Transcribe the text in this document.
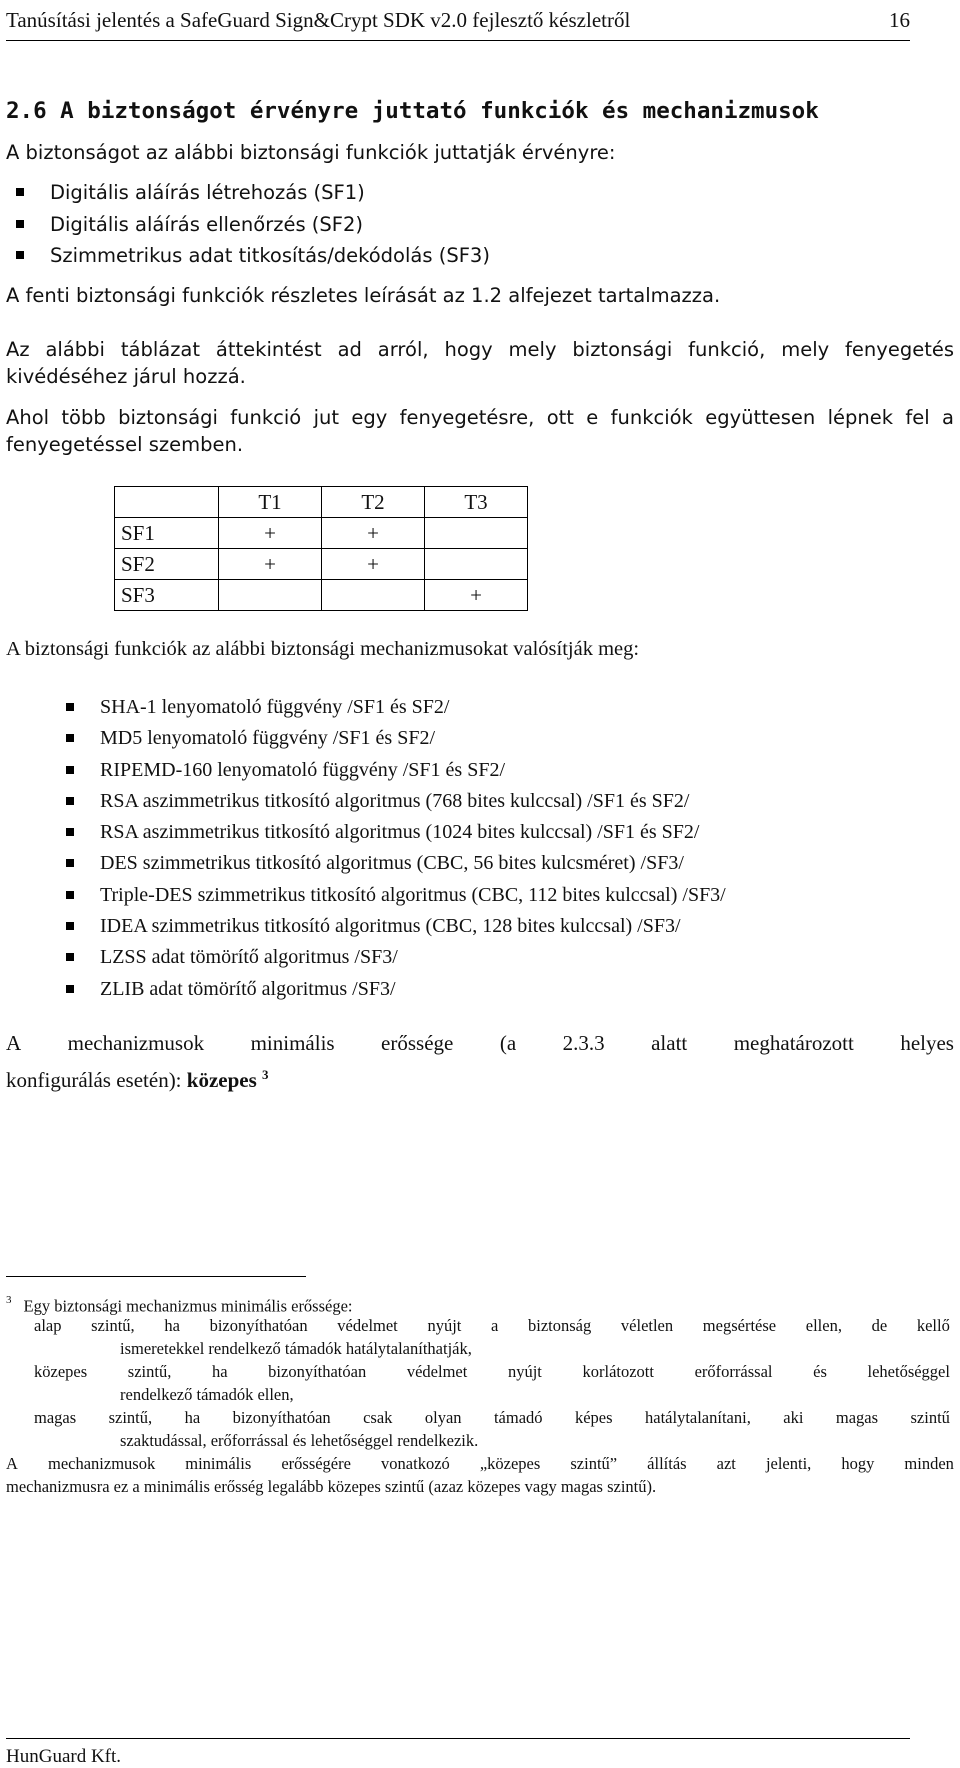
Tanúsítási jelentés a SafeGuard Sign&Crypt SDK v2.0 fejlesztő készletről	16
2.6 A biztonságot érvényre juttató funkciók és mechanizmusok
A biztonságot az alábbi biztonsági funkciók juttatják érvényre:
Digitális aláírás létrehozás (SF1)
Digitális aláírás ellenőrzés (SF2)
Szimmetrikus adat titkosítás/dekódolás (SF3)
A fenti biztonsági funkciók részletes leírását az 1.2 alfejezet tartalmazza.
Az alábbi táblázat áttekintést ad arról, hogy mely biztonsági funkció, mely fenyegetés kivédéséhez járul hozzá.
Ahol több biztonsági funkció jut egy fenyegetésre, ott e funkciók együttesen lépnek fel a fenyegetéssel szemben.
	T1	T2	T3
SF1	+	+	
SF2	+	+	
SF3			+
A biztonsági funkciók az alábbi biztonsági mechanizmusokat valósítják meg:
SHA-1 lenyomatoló függvény /SF1 és SF2/
MD5 lenyomatoló függvény /SF1 és SF2/
RIPEMD-160 lenyomatoló függvény /SF1 és SF2/
RSA aszimmetrikus titkosító algoritmus (768 bites kulccsal) /SF1 és SF2/
RSA aszimmetrikus titkosító algoritmus (1024 bites kulccsal) /SF1 és SF2/
DES szimmetrikus titkosító algoritmus (CBC, 56 bites kulcsméret) /SF3/
Triple-DES szimmetrikus titkosító algoritmus (CBC, 112 bites kulccsal) /SF3/
IDEA szimmetrikus titkosító algoritmus (CBC, 128 bites kulccsal) /SF3/
LZSS adat tömörítő algoritmus /SF3/
ZLIB adat tömörítő algoritmus /SF3/
A mechanizmusok minimális erőssége (a 2.3.3 alatt meghatározott helyes
konfigurálás esetén): közepes $^3$
$^3$ Egy biztonsági mechanizmus minimális erőssége:
alap szintű, ha bizonyíthatóan védelmet nyújt a biztonság véletlen megsértése ellen, de kellő
ismeretekkel rendelkező támadók hatálytalaníthatják,
közepes szintű, ha bizonyíthatóan védelmet nyújt korlátozott erőforrással és lehetőséggel
rendelkező támadók ellen,
magas szintű, ha bizonyíthatóan csak olyan támadó képes hatálytalanítani, aki magas szintű
szaktudással, erőforrással és lehetőséggel rendelkezik.
A mechanizmusok minimális erősségére vonatkozó „közepes szintű” állítás azt jelenti, hogy minden
mechanizmusra ez a minimális erősség legalább közepes szintű (azaz közepes vagy magas szintű).
HunGuard Kft.
